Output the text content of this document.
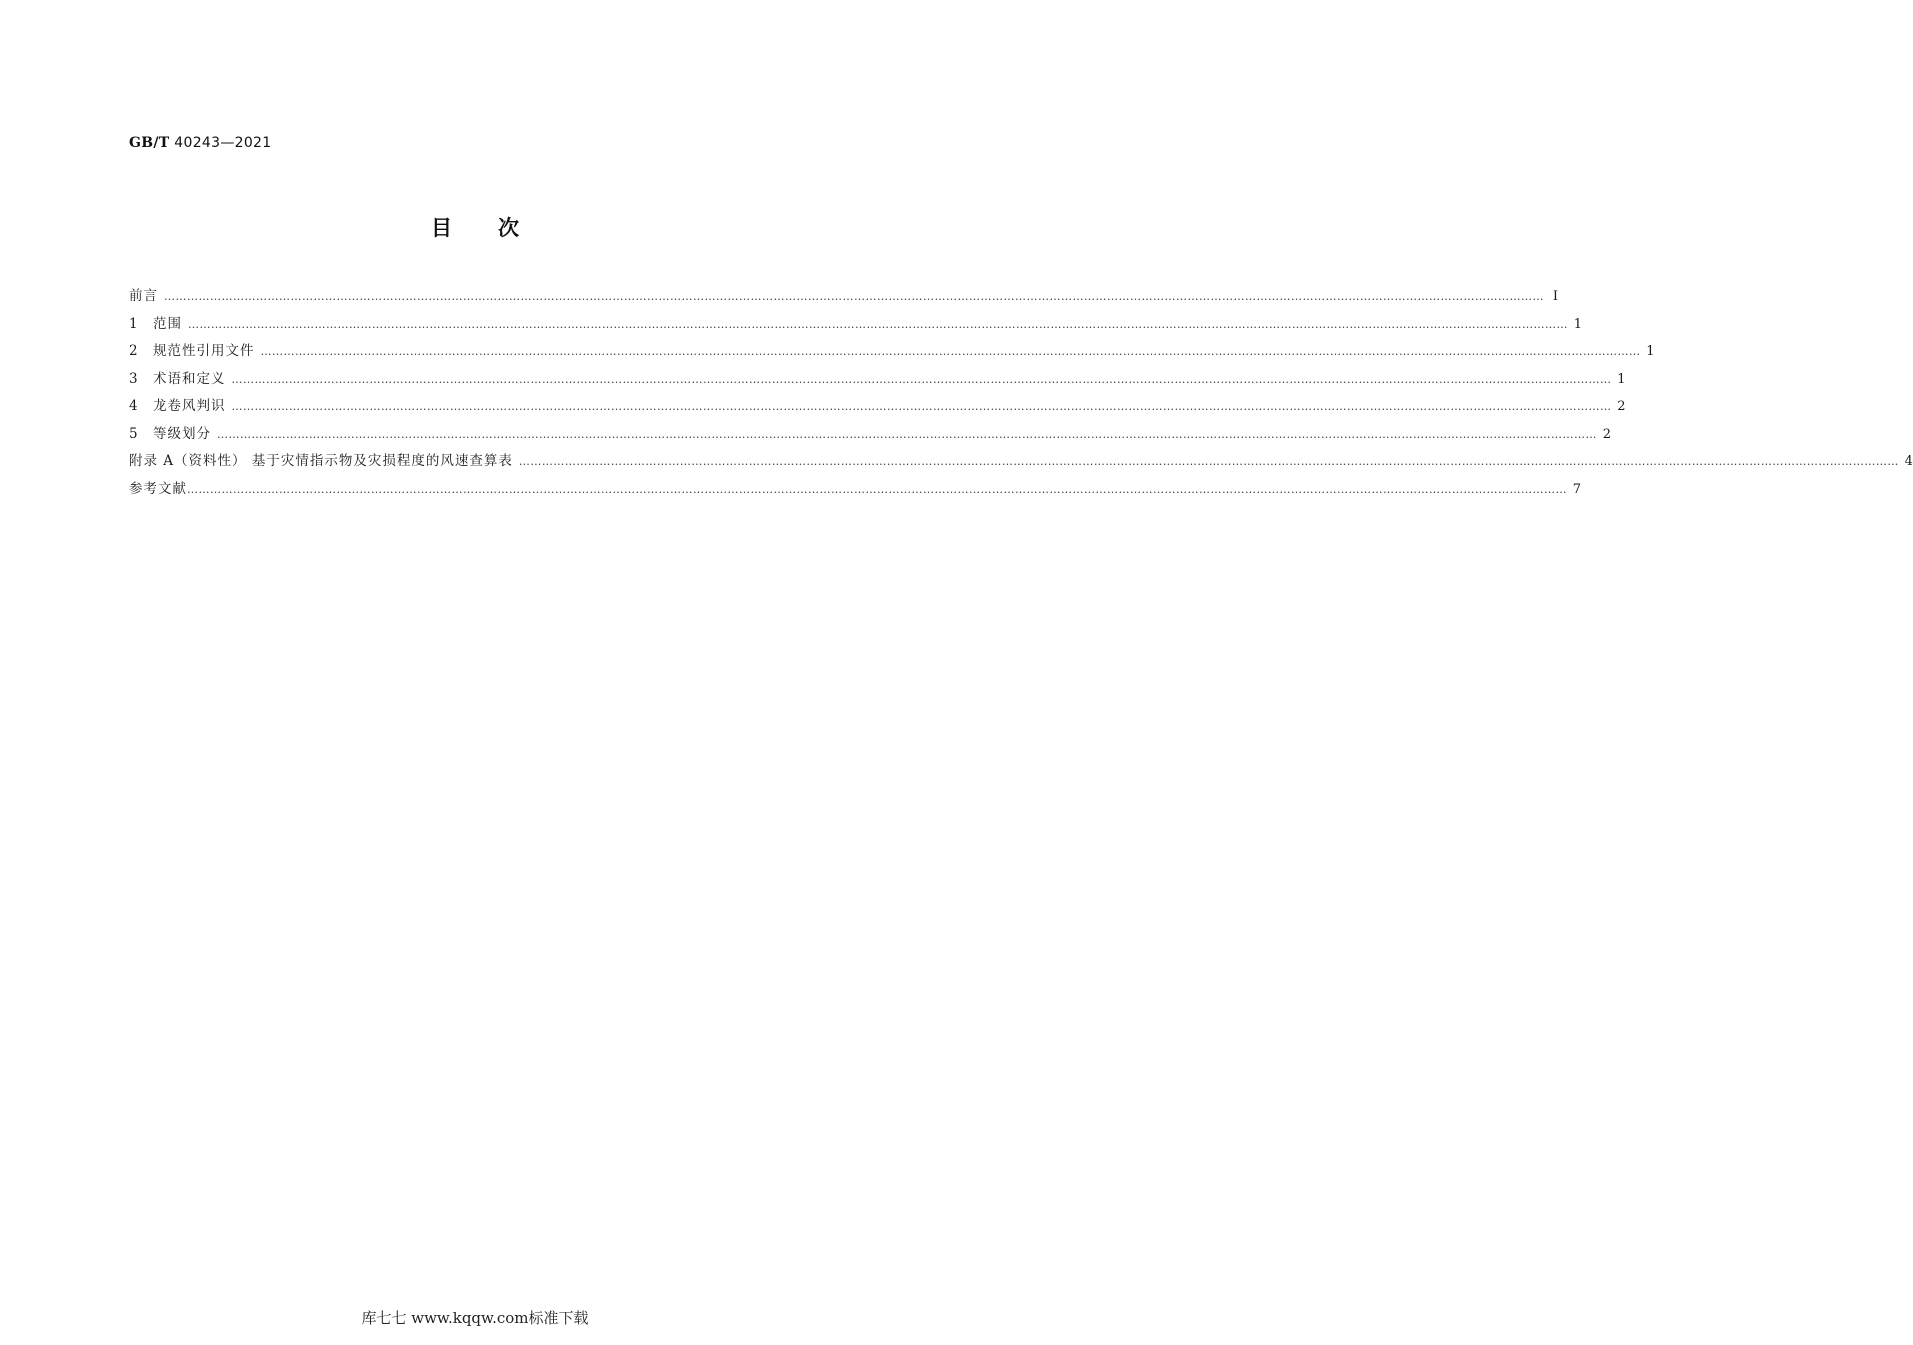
GB/T 40243—2021
目 次
前言 ……………………………………………………………………………………………………………………………………………………………………………………………………………………………………………………………………………………………………………………………… Ⅰ
1 范围 ……………………………………………………………………………………………………………………………………………………………………………………………………………………………………………………………………………………………………………………………… 1
2 规范性引用文件 ……………………………………………………………………………………………………………………………………………………………………………………………………………………………………………………………………………………………………………………………… 1
3 术语和定义 ……………………………………………………………………………………………………………………………………………………………………………………………………………………………………………………………………………………………………………………………… 1
4 龙卷风判识 ……………………………………………………………………………………………………………………………………………………………………………………………………………………………………………………………………………………………………………………………… 2
5 等级划分 ……………………………………………………………………………………………………………………………………………………………………………………………………………………………………………………………………………………………………………………………… 2
附录 A（资料性） 基于灾情指示物及灾损程度的风速查算表 ……………………………………………………………………………………………………………………………………………………………………………………………………………………………………………………………………………………………………………………………… 4
参考文献 ……………………………………………………………………………………………………………………………………………………………………………………………………………………………………………………………………………………………………………………………… 7
库七七 www.kqqw.com标准下载
